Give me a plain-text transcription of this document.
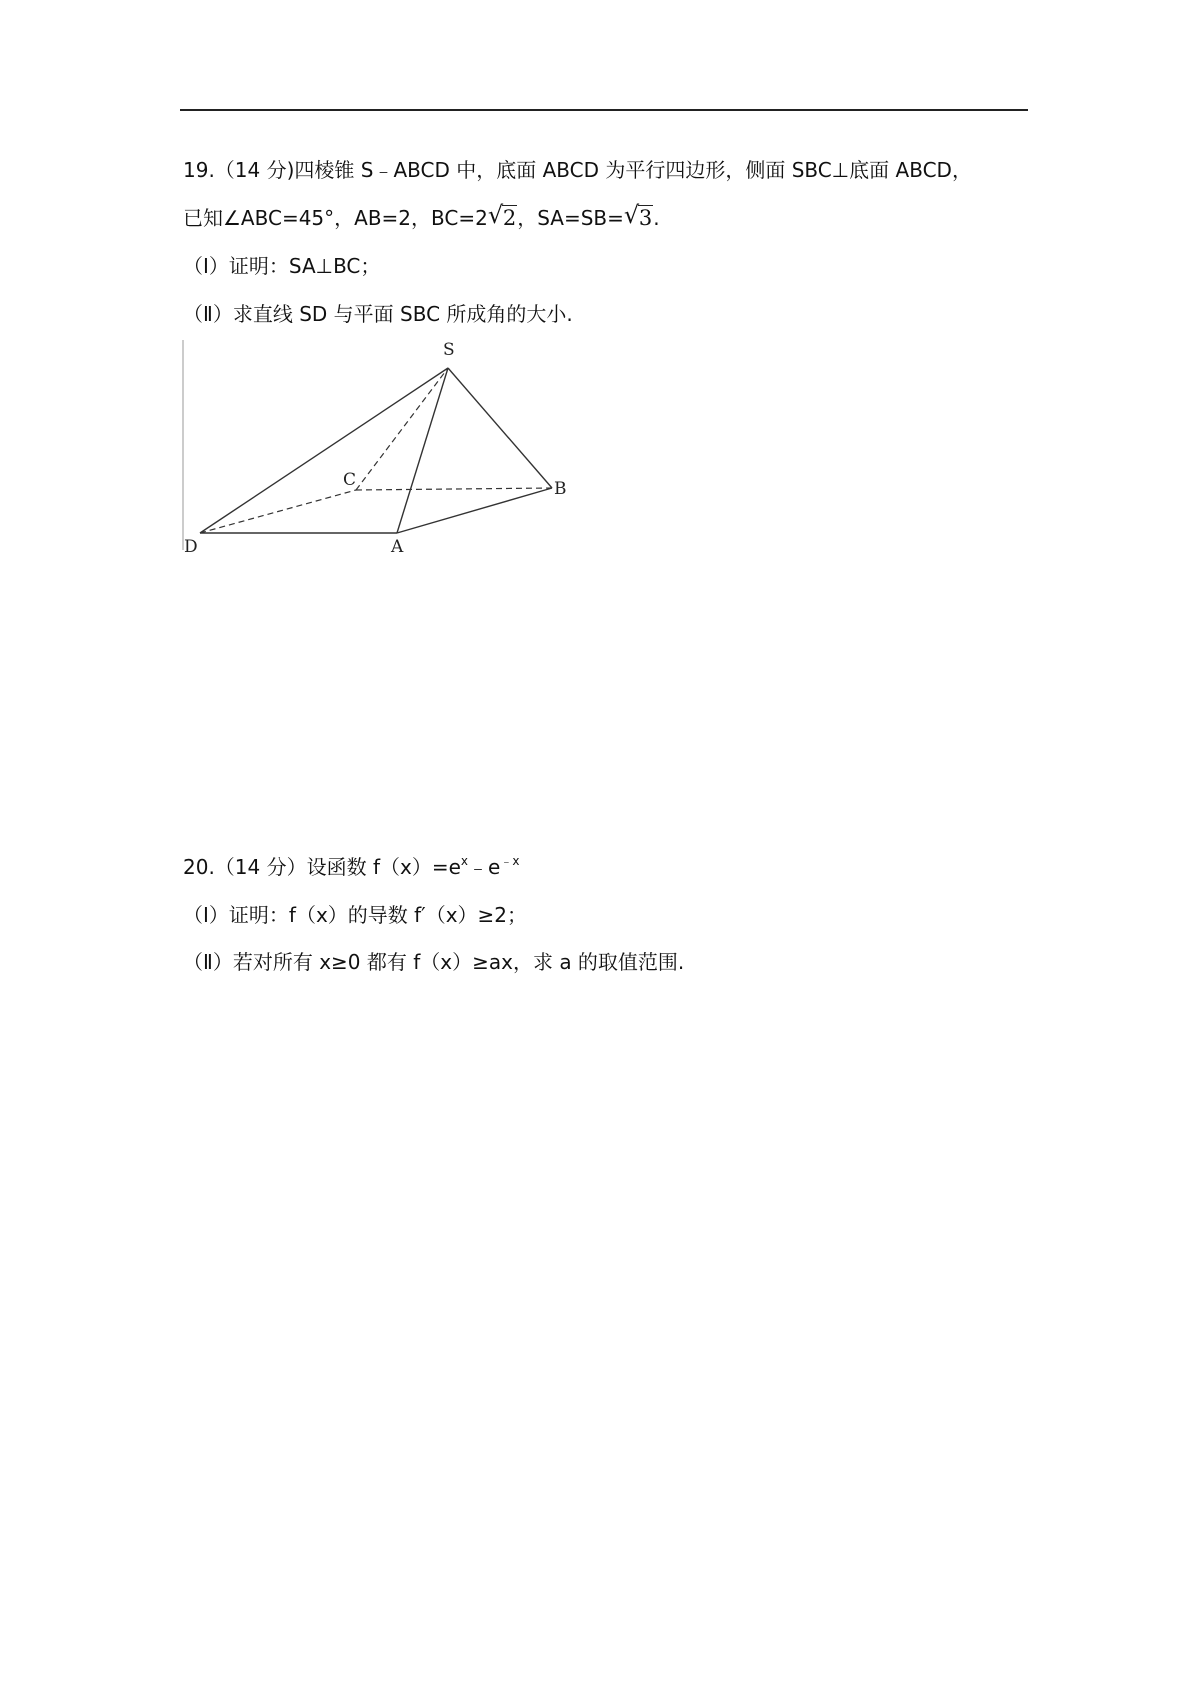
19.（14 分)四棱锥 S﹣ABCD 中，底面 ABCD 为平行四边形，侧面 SBC⊥底面 ABCD，
已知∠ABC=45°，AB=2，BC=2 √ 2，SA=SB= √ 3.
（Ⅰ）证明：SA⊥BC；
（Ⅱ）求直线 SD 与平面 SBC 所成角的大小.
S
C	B
D	A
20.（14 分）设函数 $f(x)=e^x﹣e^{﹣x}$
（Ⅰ）证明：f（x）的导数 f′（x）≥2；
（Ⅱ）若对所有 x≥0 都有 f（x）≥ax，求 a 的取值范围.
